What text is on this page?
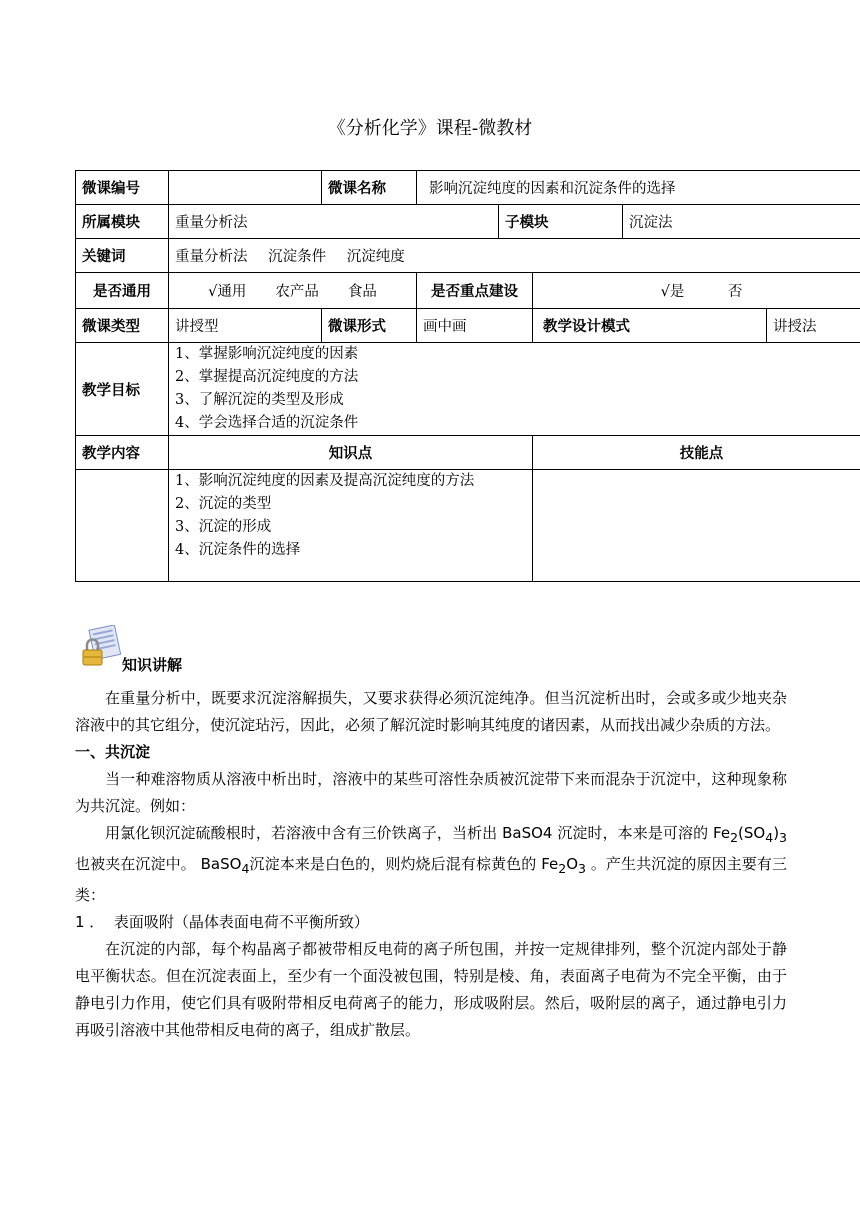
《分析化学》课程-微教材
微课编号		微课名称	影响沉淀纯度的因素和沉淀条件的选择				
所属模块	重量分析法			子模块		沉淀法	
关键词	重量分析法 沉淀条件 沉淀纯度						
是否通用	√通用　　农产品　　食品		是否重点建设		√是　　　否		
微课类型	讲授型	微课形式	画中画		教学设计模式		讲授法
教学目标	1、掌握影响沉淀纯度的因素
2、掌握提高沉淀纯度的方法
3、了解沉淀的类型及形成
4、学会选择合适的沉淀条件						

教学内容	知识点				技能点		

	1、影响沉淀纯度的因素及提高沉淀纯度的方法
2、沉淀的类型
3、沉淀的形成
4、沉淀条件的选择						

知识讲解

在重量分析中，既要求沉淀溶解损失，又要求获得必须沉淀纯净。但当沉淀析出时，会或多或少地夹杂溶液中的其它组分，使沉淀玷污，因此，必须了解沉淀时影响其纯度的诸因素，从而找出减少杂质的方法。

一、共沉淀

当一种难溶物质从溶液中析出时，溶液中的某些可溶性杂质被沉淀带下来而混杂于沉淀中，这种现象称为共沉淀。例如：

用氯化钡沉淀硫酸根时，若溶液中含有三价铁离子，当析出 BaSO4 沉淀时，本来是可溶的 $Fe_2(SO_4)_3$ 也被夹在沉淀中。 BaSO$_4$沉淀本来是白色的，则灼烧后混有棕黄色的 $Fe_2O_3$ 。产生共沉淀的原因主要有三类：

1 ． 表面吸附（晶体表面电荷不平衡所致）

在沉淀的内部，每个构晶离子都被带相反电荷的离子所包围，并按一定规律排列，整个沉淀内部处于静电平衡状态。但在沉淀表面上，至少有一个面没被包围，特别是棱、角，表面离子电荷为不完全平衡，由于静电引力作用，使它们具有吸附带相反电荷离子的能力，形成吸附层。然后，吸附层的离子，通过静电引力再吸引溶液中其他带相反电荷的离子，组成扩散层。
